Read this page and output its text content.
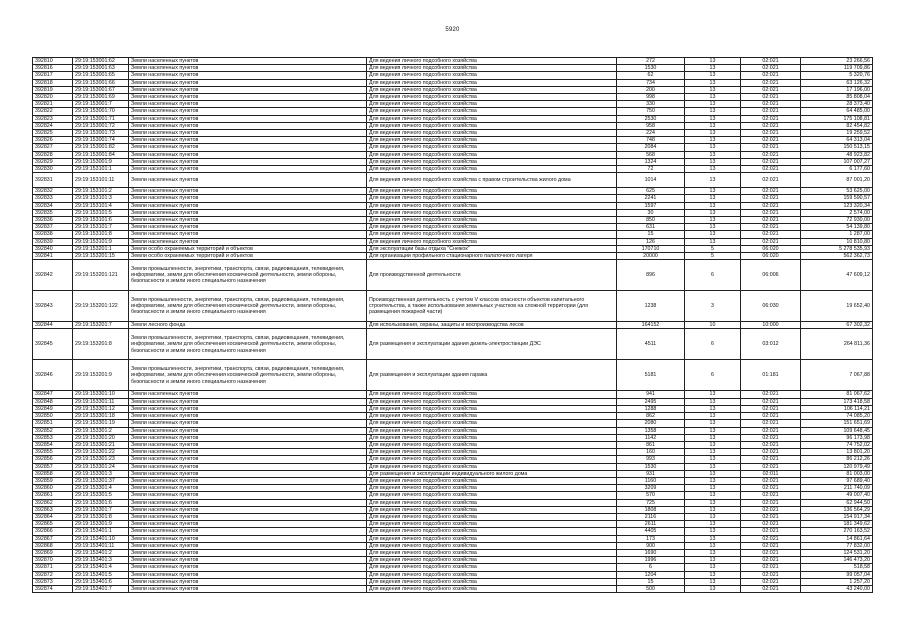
5920
392810	29:19:153001:62	Земли населенных пунктов	Для ведения личного подсобного хозяйства	272	13	02:021	23 266,56
392816	29:19:153001:63	Земли населенных пунктов	Для ведения личного подсобного хозяйства	1530	13	02:021	119 709,86
392817	29:19:153001:65	Земли населенных пунктов	Для ведения личного подсобного хозяйства	62	13	02:021	5 320,76
392818	29:19:153001:66	Земли населенных пунктов	Для ведения личного подсобного хозяйства	734	13	02:021	63 126,32
392819	29:19:153001:67	Земли населенных пунктов	Для ведения личного подсобного хозяйства	200	13	02:021	17 196,00
392820	29:19:153001:69	Земли населенных пунктов	Для ведения личного подсобного хозяйства	998	13	02:021	85 808,04
392821	29:19:153001:7	Земли населенных пунктов	Для ведения личного подсобного хозяйства	330	13	02:021	28 373,40
392822	29:19:153001:70	Земли населенных пунктов	Для ведения личного подсобного хозяйства	750	13	02:021	64 485,00
392823	29:19:153001:71	Земли населенных пунктов	Для ведения личного подсобного хозяйства	2530	13	02:021	175 108,81
392824	29:19:153001:72	Земли населенных пунктов	Для ведения личного подсобного хозяйства	958	13	02:021	82 454,82
392825	29:19:153001:73	Земли населенных пунктов	Для ведения личного подсобного хозяйства	224	13	02:021	19 259,52
392826	29:19:153001:74	Земли населенных пунктов	Для ведения личного подсобного хозяйства	748	13	02:021	64 313,04
392827	29:19:153001:82	Земли населенных пунктов	Для ведения личного подсобного хозяйства	2084	13	02:021	150 513,15
392828	29:19:153001:84	Земли населенных пунктов	Для ведения личного подсобного хозяйства	568	13	02:021	48 923,82
392829	29:19:153001:9	Земли населенных пунктов	Для ведения личного подсобного хозяйства	1324	13	02:021	107 007,27
392830	29:19:153101:1	Земли населенных пунктов	Для ведения личного подсобного хозяйства	72	13	02:021	6 177,60
392831	29:19:153101:11	Земли населенных пунктов	Для ведения личного подсобного хозяйства с правом строительства жилого дома	1014	13	02:021	87 001,20
392832	29:19:153101:2	Земли населенных пунктов	Для ведения личного подсобного хозяйства	625	13	02:021	53 625,00
392833	29:19:153101:3	Земли населенных пунктов	Для ведения личного подсобного хозяйства	2241	13	02:021	159 590,57
392834	29:19:153101:4	Земли населенных пунктов	Для ведения личного подсобного хозяйства	1597	13	02:021	123 320,34
392835	29:19:153101:5	Земли населенных пунктов	Для ведения личного подсобного хозяйства	30	13	02:021	2 574,00
392836	29:19:153101:6	Земли населенных пунктов	Для ведения личного подсобного хозяйства	850	13	02:021	72 930,00
392837	29:19:153101:7	Земли населенных пунктов	Для ведения личного подсобного хозяйства	631	13	02:021	54 139,80
392838	29:19:153101:8	Земли населенных пунктов	Для ведения личного подсобного хозяйства	15	13	02:021	1 287,00
392839	29:19:153101:9	Земли населенных пунктов	Для ведения личного подсобного хозяйства	126	13	02:021	10 810,80
392840	29:19:153201:1	Земли особо охраняемых территорий и объектов	Для эксплуатации базы отдыха "Снежок"	170710	5	06:020	5 278 535,93
392841	29:19:153201:15	Земли особо охраняемых территорий и объектов	Для организации профильного стационарного палаточного лагеря	20000	5	06:020	562 362,73
392842	29:19:153201:121	Земли промышленности, энергетики, транспорта, связи, радиовещания, телевидения, информатики, земли для обеспечения космической деятельности, земли обороны, безопасности и земли иного специального назначения	Для производственной деятельности	896	6	06:006	47 609,12
392843	29:19:153201:122	Земли промышленности, энергетики, транспорта, связи, радиовещания, телевидения, информатики, земли для обеспечения космической деятельности, земли обороны, безопасности и земли иного специального назначения	Производственная деятельность с учетом V классов опасности объектов капитального строительства, а также использования земельных участков на сложной территории (для размещения пожарной части)	1238	3	06:030	19 652,40
392844	29:19:153201:7	Земли лесного фонда	Для использования, охраны, защиты и воспроизводства лесов	164152	10	10:000	67 302,32
392845	29:19:153201:8	Земли промышленности, энергетики, транспорта, связи, радиовещания, телевидения, информатики, земли для обеспечения космической деятельности, земли обороны, безопасности и земли иного специального назначения	Для размещения и эксплуатации здания дизель-электростанции ДЭС	4511	6	03:012	264 811,36
392846	29:19:153201:9	Земли промышленности, энергетики, транспорта, связи, радиовещания, телевидения, информатики, земли для обеспечения космической деятельности, земли обороны, безопасности и земли иного специального назначения	Для размещения и эксплуатации здания гаража	5181	6	01:181	7 067,88
392847	29:19:153301:10	Земли населенных пунктов	Для ведения личного подсобного хозяйства	941	13	02:021	81 067,62
392848	29:19:153301:11	Земли населенных пунктов	Для ведения личного подсобного хозяйства	2495	13	02:021	173 418,58
392849	29:19:153301:12	Земли населенных пунктов	Для ведения личного подсобного хозяйства	1288	13	02:021	106 114,21
392850	29:19:153301:18	Земли населенных пунктов	Для ведения личного подсобного хозяйства	862	13	02:021	74 085,20
392851	29:19:153301:19	Земли населенных пунктов	Для ведения личного подсобного хозяйства	2080	13	02:021	151 651,69
392852	29:19:153301:2	Земли населенных пунктов	Для ведения личного подсобного хозяйства	1358	13	02:021	109 648,45
392853	29:19:153301:20	Земли населенных пунктов	Для ведения личного подсобного хозяйства	1142	13	02:021	96 173,98
392854	29:19:153301:21	Земли населенных пунктов	Для ведения личного подсобного хозяйства	861	13	02:021	74 752,02
392855	29:19:153301:22	Земли населенных пунктов	Для ведения личного подсобного хозяйства	160	13	02:021	13 801,20
392856	29:19:153301:23	Земли населенных пунктов	Для ведения личного подсобного хозяйства	993	13	02:021	86 212,26
392857	29:19:153301:24	Земли населенных пунктов	Для ведения личного подсобного хозяйства	1530	13	02:021	120 979,49
392858	29:19:153301:3	Земли населенных пунктов	Для размещения и эксплуатации индивидуального жилого дома	931	13	02:011	81 003,00
392859	29:19:153301:37	Земли населенных пунктов	Для ведения личного подсобного хозяйства	1160	13	02:021	97 689,40
392860	29:19:153301:4	Земли населенных пунктов	Для ведения личного подсобного хозяйства	3209	13	02:021	211 740,09
392861	29:19:153301:5	Земли населенных пунктов	Для ведения личного подсобного хозяйства	570	13	02:021	49 007,40
392862	29:19:153301:6	Земли населенных пунктов	Для ведения личного подсобного хозяйства	725	13	02:021	62 944,50
392863	29:19:153301:7	Земли населенных пунктов	Для ведения личного подсобного хозяйства	1808	13	02:021	136 564,29
392864	29:19:153301:8	Земли населенных пунктов	Для ведения личного подсобного хозяйства	2116	13	02:021	154 917,34
392865	29:19:153301:9	Земли населенных пунктов	Для ведения личного подсобного хозяйства	2611	13	02:021	181 349,62
392866	29:19:153401:1	Земли населенных пунктов	Для ведения личного подсобного хозяйства	4405	13	02:021	270 163,52
392867	29:19:153401:10	Земли населенных пунктов	Для ведения личного подсобного хозяйства	173	13	02:021	14 861,64
392868	29:19:153401:11	Земли населенных пунктов	Для ведения личного подсобного хозяйства	900	13	02:021	77 832,00
392869	29:19:153401:2	Земли населенных пунктов	Для ведения личного подсобного хозяйства	1690	13	02:021	124 531,20
392870	29:19:153401:3	Земли населенных пунктов	Для ведения личного подсобного хозяйства	1996	13	02:021	146 473,20
392871	29:19:153401:4	Земли населенных пунктов	Для ведения личного подсобного хозяйства	6	13	02:021	518,58
392872	29:19:153401:5	Земли населенных пунктов	Для ведения личного подсобного хозяйства	1204	13	02:021	99 057,04
392873	29:19:153401:6	Земли населенных пунктов	Для ведения личного подсобного хозяйства	15	13	02:021	1 257,20
392874	29:19:153401:7	Земли населенных пунктов	Для ведения личного подсобного хозяйства	500	13	02:021	43 240,00
